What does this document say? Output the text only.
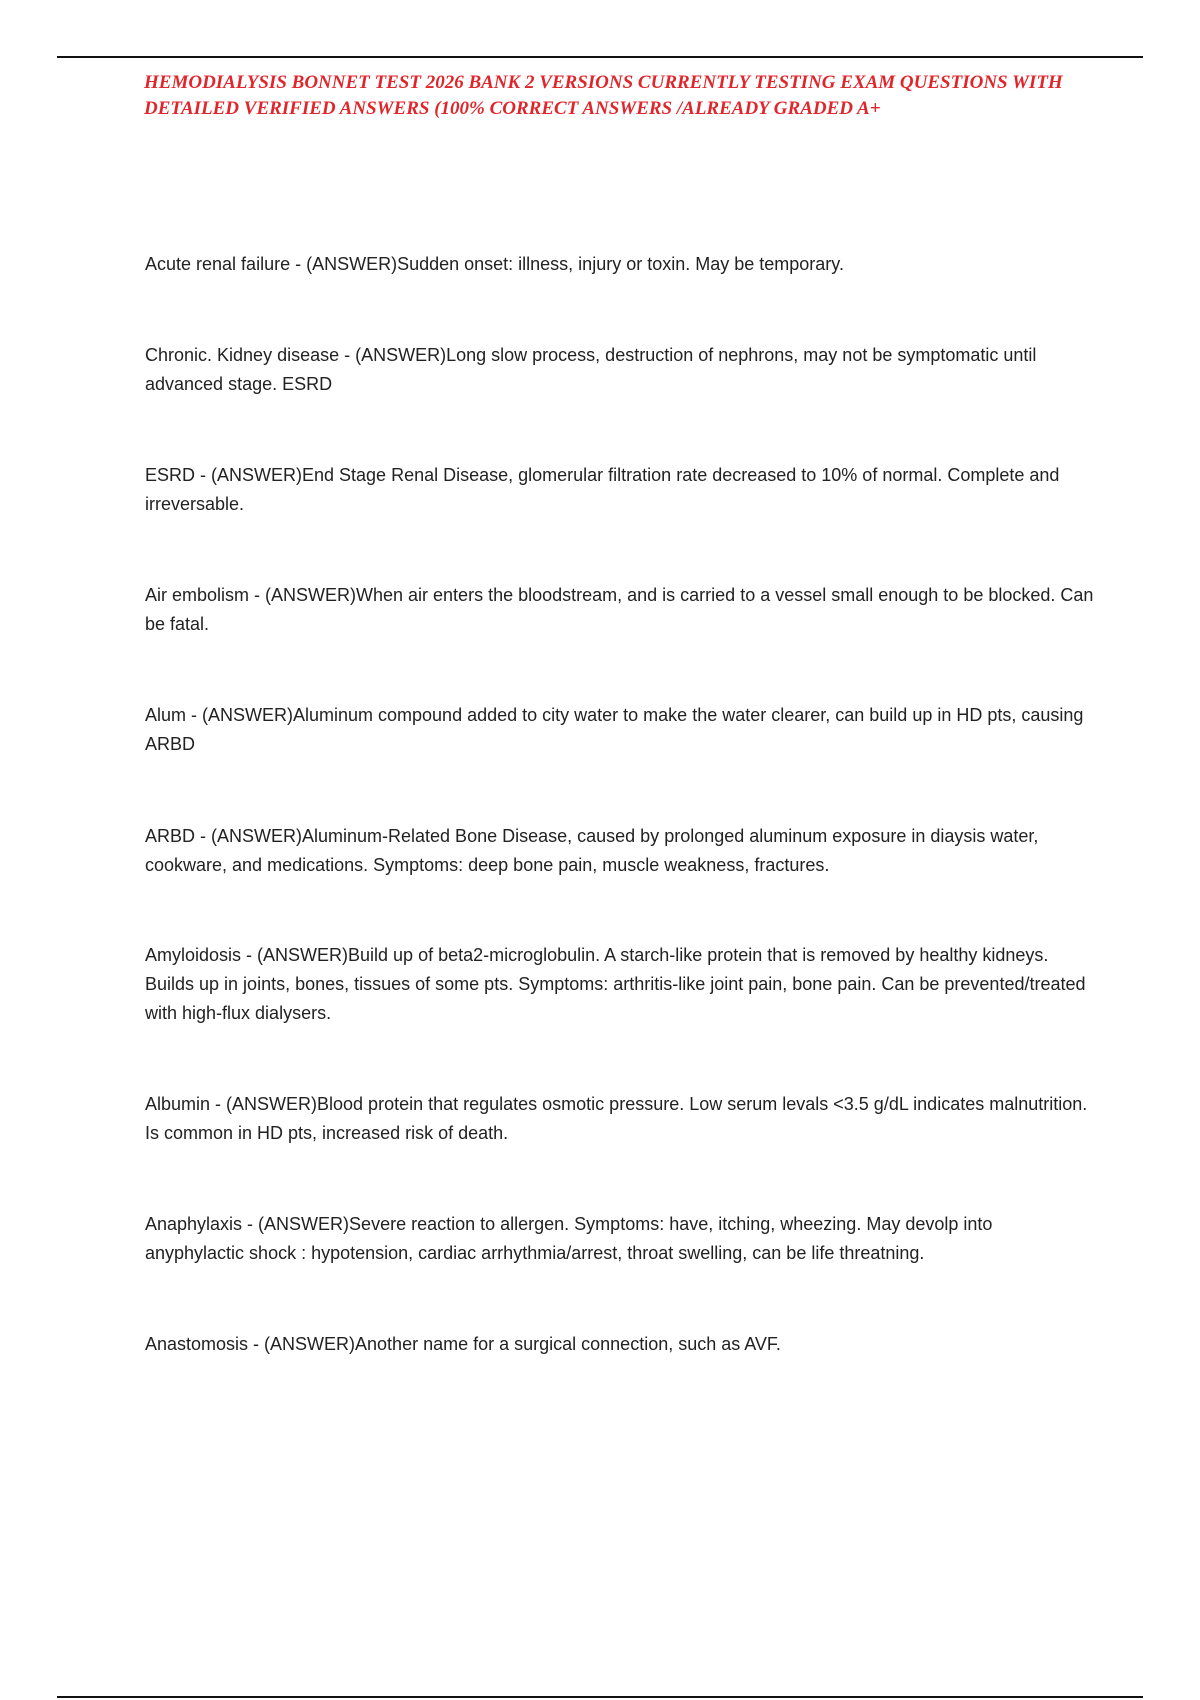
HEMODIALYSIS BONNET TEST 2026 BANK 2 VERSIONS CURRENTLY TESTING EXAM QUESTIONS WITH DETAILED VERIFIED ANSWERS (100% CORRECT ANSWERS /ALREADY GRADED A+
Acute renal failure - (ANSWER)Sudden onset: illness, injury or toxin. May be temporary.
Chronic. Kidney disease - (ANSWER)Long slow process, destruction of nephrons, may not be symptomatic until advanced stage. ESRD
ESRD - (ANSWER)End Stage Renal Disease, glomerular filtration rate decreased to 10% of normal. Complete and irreversable.
Air embolism - (ANSWER)When air enters the bloodstream, and is carried to a vessel small enough to be blocked. Can be fatal.
Alum - (ANSWER)Aluminum compound added to city water to make the water clearer, can build up in HD pts, causing ARBD
ARBD - (ANSWER)Aluminum-Related Bone Disease, caused by prolonged aluminum exposure in diaysis water, cookware, and medications. Symptoms: deep bone pain, muscle weakness, fractures.
Amyloidosis - (ANSWER)Build up of beta2-microglobulin. A starch-like protein that is removed by healthy kidneys. Builds up in joints, bones, tissues of some pts. Symptoms: arthritis-like joint pain, bone pain. Can be prevented/treated with high-flux dialysers.
Albumin - (ANSWER)Blood protein that regulates osmotic pressure. Low serum levals <3.5 g/dL indicates malnutrition. Is common in HD pts, increased risk of death.
Anaphylaxis - (ANSWER)Severe reaction to allergen. Symptoms: have, itching, wheezing. May devolp into anyphylactic shock : hypotension, cardiac arrhythmia/arrest, throat swelling, can be life threatning.
Anastomosis - (ANSWER)Another name for a surgical connection, such as AVF.
